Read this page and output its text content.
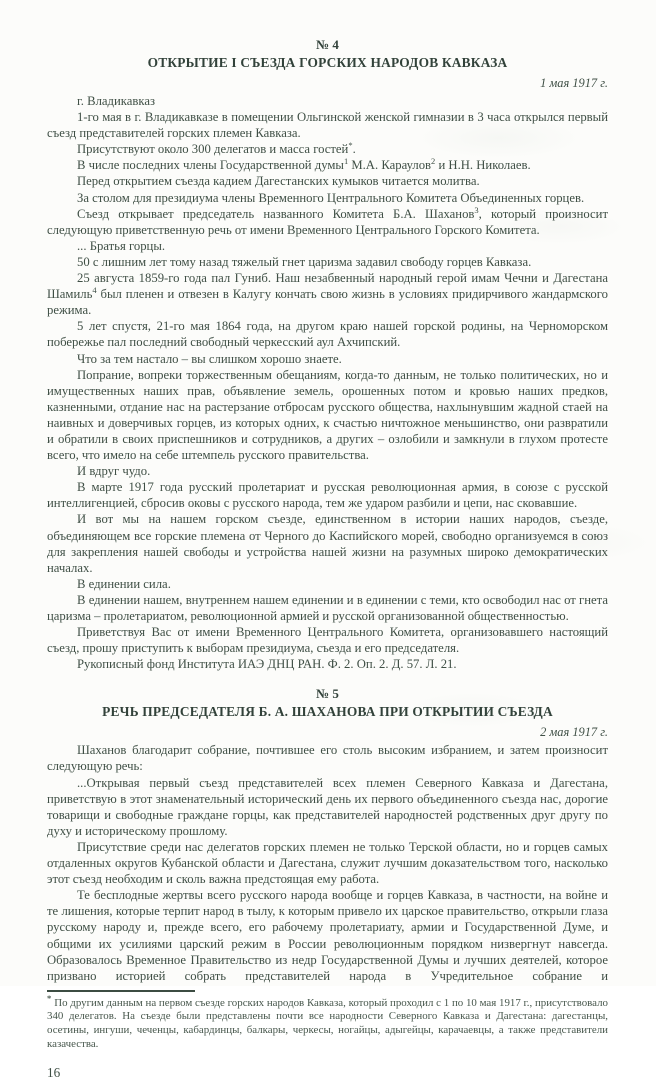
№ 4
ОТКРЫТИЕ I СЪЕЗДА ГОРСКИХ НАРОДОВ КАВКАЗА
1 мая 1917 г.

г. Владикавказ

1-го мая в г. Владикавказе в помещении Ольгинской женской гимназии в 3 часа открылся первый съезд представителей горских племен Кавказа.

Присутствуют около 300 делегатов и масса гостей*.

В числе последних члены Государственной думы$^1$ М.А. Караулов$^2$ и Н.Н. Николаев.

Перед открытием съезда кадием Дагестанских кумыков читается молитва.

За столом для президиума члены Временного Центрального Комитета Объединенных горцев.

Съезд открывает председатель названного Комитета Б.А. Шаханов$^3$, который произносит следующую приветственную речь от имени Временного Центрального Горского Комитета.

... Братья горцы.

50 с лишним лет тому назад тяжелый гнет царизма задавил свободу горцев Кавказа.

25 августа 1859-го года пал Гуниб. Наш незабвенный народный герой имам Чечни и Дагестана Шамиль$^4$ был пленен и отвезен в Калугу кончать свою жизнь в условиях придирчивого жандармского режима.

5 лет спустя, 21-го мая 1864 года, на другом краю нашей горской родины, на Черноморском побережье пал последний свободный черкесский аул Ахчипский.

Что за тем настало – вы слишком хорошо знаете.

Попрание, вопреки торжественным обещаниям, когда-то данным, не только политических, но и имущественных наших прав, объявление земель, орошенных потом и кровью наших предков, казненными, отдание нас на растерзание отбросам русского общества, нахлынувшим жадной стаей на наивных и доверчивых горцев, из которых одних, к счастью ничтожное меньшинство, они развратили и обратили в своих приспешников и сотрудников, а других – озлобили и замкнули в глухом протесте всего, что имело на себе штемпель русского правительства.

И вдруг чудо.

В марте 1917 года русский пролетариат и русская революционная армия, в союзе с русской интеллигенцией, сбросив оковы с русского народа, тем же ударом разбили и цепи, нас сковавшие.

И вот мы на нашем горском съезде, единственном в истории наших народов, съезде, объединяющем все горские племена от Черного до Каспийского морей, свободно организуемся в союз для закрепления нашей свободы и устройства нашей жизни на разумных широко демократических началах.

В единении сила.

В единении нашем, внутреннем нашем единении и в единении с теми, кто освободил нас от гнета царизма – пролетариатом, революционной армией и русской организованной общественностью.

Приветствуя Вас от имени Временного Центрального Комитета, организовавшего настоящий съезд, прошу приступить к выборам президиума, съезда и его председателя.

Рукописный фонд Института ИАЭ ДНЦ РАН. Ф. 2. Оп. 2. Д. 57. Л. 21.

№ 5
РЕЧЬ ПРЕДСЕДАТЕЛЯ Б. А. ШАХАНОВА ПРИ ОТКРЫТИИ СЪЕЗДА
2 мая 1917 г.

Шаханов благодарит собрание, почтившее его столь высоким избранием, и затем произносит следующую речь:

...Открывая первый съезд представителей всех племен Северного Кавказа и Дагестана, приветствую в этот знаменательный исторический день их первого объединенного съезда нас, дорогие товарищи и свободные граждане горцы, как представителей народностей родственных друг другу по духу и историческому прошлому.

Присутствие среди нас делегатов горских племен не только Терской области, но и горцев самых отдаленных округов Кубанской области и Дагестана, служит лучшим доказательством того, насколько этот съезд необходим и сколь важна предстоящая ему работа.

Те бесплодные жертвы всего русского народа вообще и горцев Кавказа, в частности, на войне и те лишения, которые терпит народ в тылу, к которым привело их царское правительство, открыли глаза русскому народу и, прежде всего, его рабочему пролетариату, армии и Государственной Думе, и общими их усилиями царский режим в России революционным порядком низвергнут навсегда. Образовалось Временное Правительство из недр Государственной Думы и лучших деятелей, которое призвано историей собрать представителей народа в Учредительное собрание и

* По другим данным на первом съезде горских народов Кавказа, который проходил с 1 по 10 мая 1917 г., присутствовало 340 делегатов. На съезде были представлены почти все народности Северного Кавказа и Дагестана: дагестанцы, осетины, ингуши, чеченцы, кабардинцы, балкары, черкесы, ногайцы, адыгейцы, карачаевцы, а также представители казачества.

16
